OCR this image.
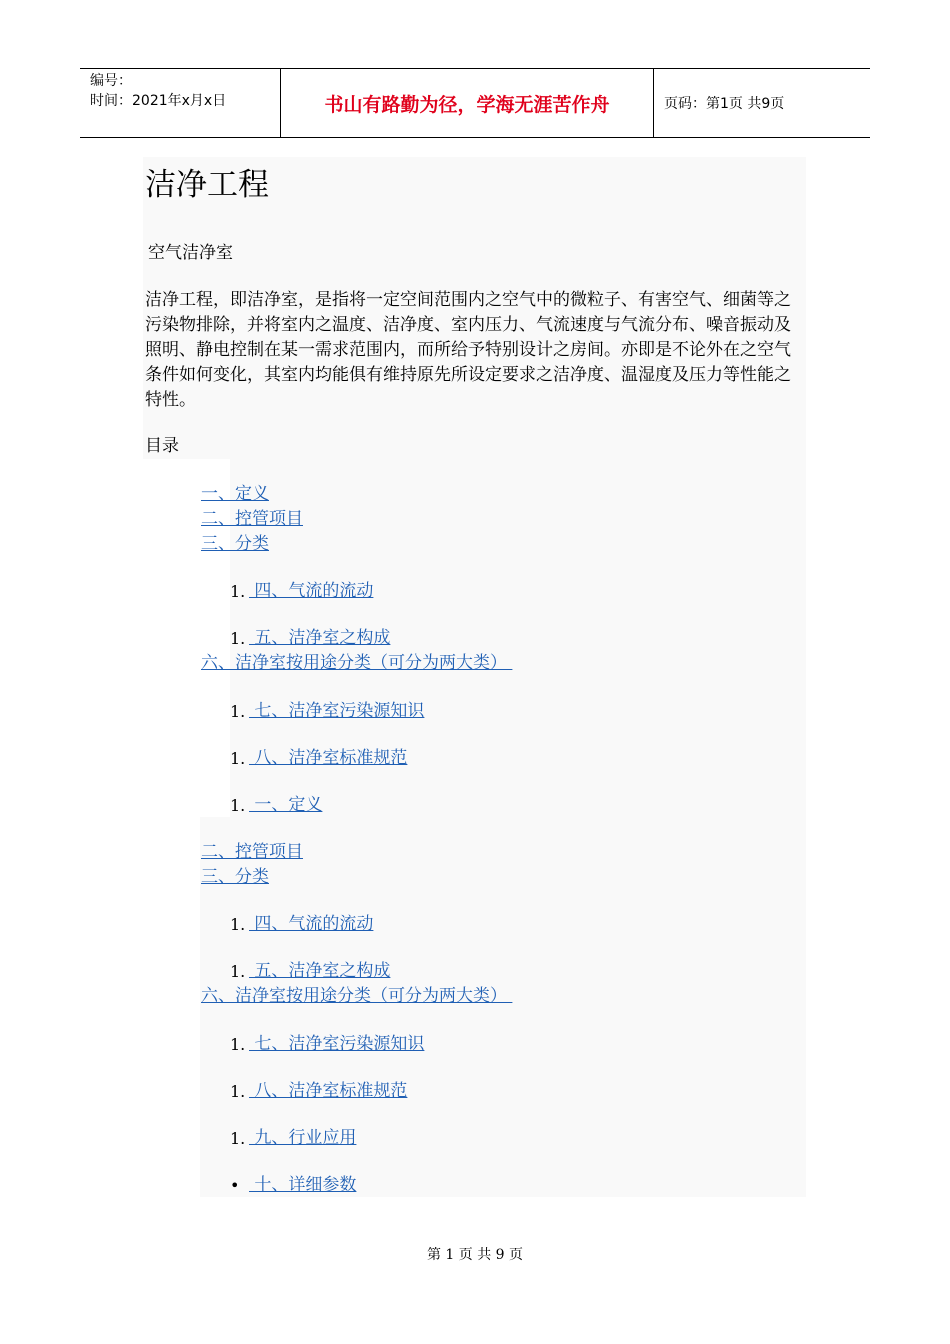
编号：
时间：2021年x月x日	书山有路勤为径，学海无涯苦作舟	页码：第1页 共9页
洁净工程
空气洁净室

洁净工程，即洁净室，是指将一定空间范围内之空气中的微粒子、有害空气、细菌等之污染物排除，并将室内之温度、洁净度、室内压力、气流速度与气流分布、噪音振动及照明、静电控制在某一需求范围内，而所给予特别设计之房间。亦即是不论外在之空气条件如何变化，其室内均能俱有维持原先所设定要求之洁净度、温湿度及压力等性能之特性。

目录
一、定义
二、控管项目
三、分类
1. 四、气流的流动
1. 五、洁净室之构成
六、洁净室按用途分类（可分为两大类）
1. 七、洁净室污染源知识
1. 八、洁净室标准规范
1. 一、定义
二、控管项目
三、分类
1. 四、气流的流动
1. 五、洁净室之构成
六、洁净室按用途分类（可分为两大类）
1. 七、洁净室污染源知识
1. 八、洁净室标准规范
1. 九、行业应用
• 十、详细参数
第 1 页 共 9 页
